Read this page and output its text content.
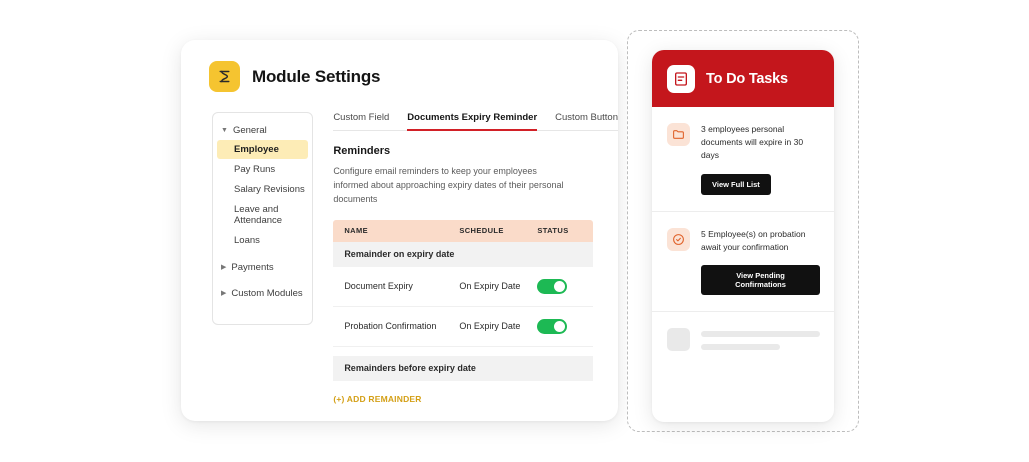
Module Settings
▼ General
Employee
Pay Runs
Salary Revisions
Leave and Attendance
Loans
▶ Payments
▶ Custom Modules
Custom Field Documents Expiry Reminder Custom Button
Reminders
Configure email reminders to keep your employees informed about approaching expiry dates of their personal documents
NAME	SCHEDULE	STATUS
Remainder on expiry date
Document Expiry	On Expiry Date
Probation Confirmation	On Expiry Date
Remainders before expiry date
(+) ADD REMAINDER
To Do Tasks
3 employees personal documents will expire in 30 days
View Full List
5 Employee(s) on probation await your confirmation
View Pending Confirmations
